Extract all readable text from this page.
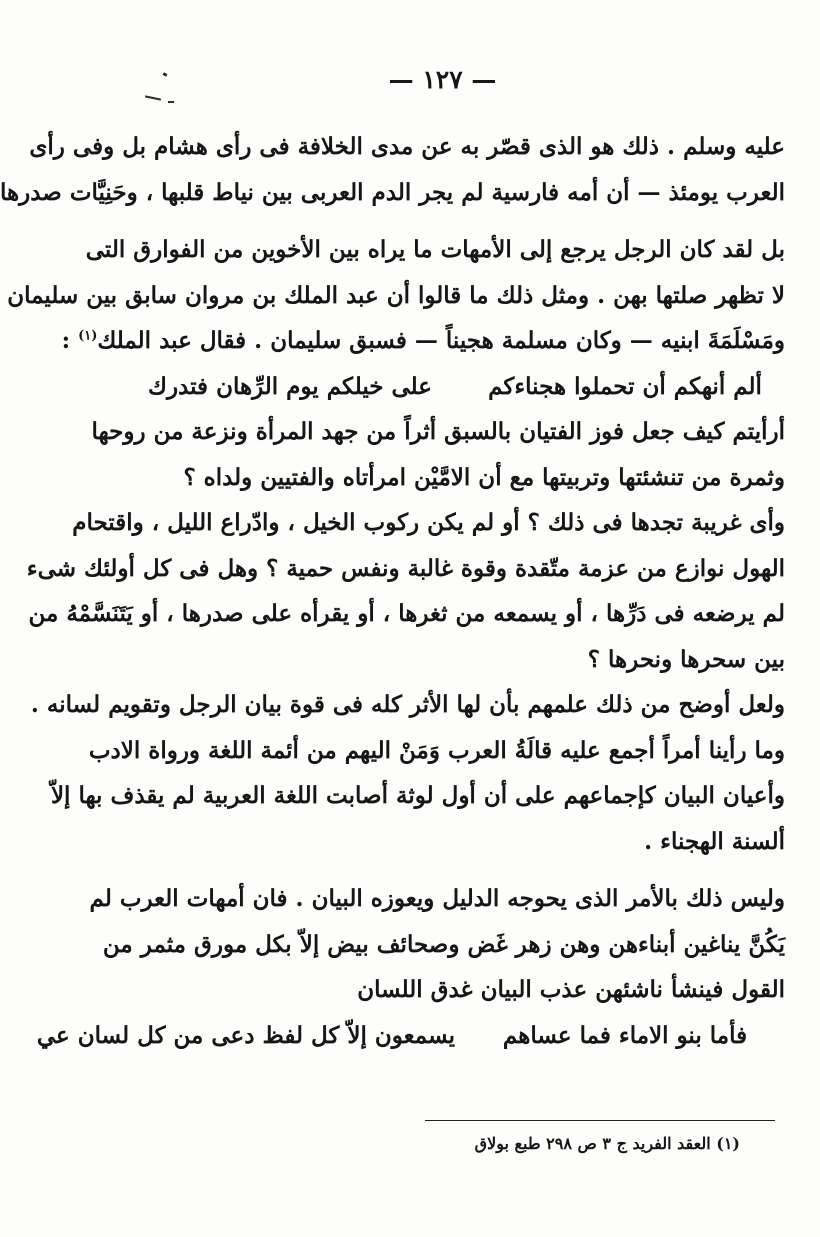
— ١٢٧ —
عليه وسلم . ذلك هو الذى قصّر به عن مدى الخلافة فى رأى هشام بل وفى رأى
العرب يومئذ — أن أمه فارسية لم يجر الدم العربى بين نياط قلبها ، وحَنِيَّات صدرها
بل لقد كان الرجل يرجع إلى الأمهات ما يراه بين الأخوين من الفوارق التى
لا تظهر صلتها بهن . ومثل ذلك ما قالوا أن عبد الملك بن مروان سابق بين سليمان
ومَسْلَمَةَ ابنيه — وكان مسلمة هجيناً — فسبق سليمان . فقال عبد الملك$^{(١)}$ :
ألم أنهكم أن تحملوا هجناءكم
على خيلكم يوم الرِّهان فتدرك
أرأيتم كيف جعل فوز الفتيان بالسبق أثراً من جهد المرأة ونزعة من روحها
وثمرة من تنشئتها وتربيتها مع أن الامَّيْن امرأتاه والفتيين ولداه ؟
وأى غريبة تجدها فى ذلك ؟ أو لم يكن ركوب الخيل ، وادّراع الليل ، واقتحام
الهول نوازع من عزمة متّقدة وقوة غالبة ونفس حمية ؟ وهل فى كل أولئك شىء
لم يرضعه فى دَرِّها ، أو يسمعه من ثغرها ، أو يقرأه على صدرها ، أو يَتَنَسَّمْهُ من
بين سحرها ونحرها ؟
ولعل أوضح من ذلك علمهم بأن لها الأثر كله فى قوة بيان الرجل وتقويم لسانه .
وما رأينا أمراً أجمع عليه قالَةُ العرب وَمَنْ اليهم من أئمة اللغة ورواة الادب
وأعيان البيان كإجماعهم على أن أول لوثة أصابت اللغة العربية لم يقذف بها إلاّ
ألسنة الهجناء .
وليس ذلك بالأمر الذى يحوجه الدليل ويعوزه البيان . فان أمهات العرب لم
يَكُنَّ يناغين أبناءهن وهن زهر غَض وصحائف بيض إلاّ بكل مورق مثمر من
القول فينشأ ناشئهن عذب البيان غدق اللسان
فأما بنو الاماء فما عساهم
يسمعون إلاّ كل لفظ دعى من كل لسان عي
(١) العقد الفريد ج ٣ ص ٢٩٨ طبع بولاق
